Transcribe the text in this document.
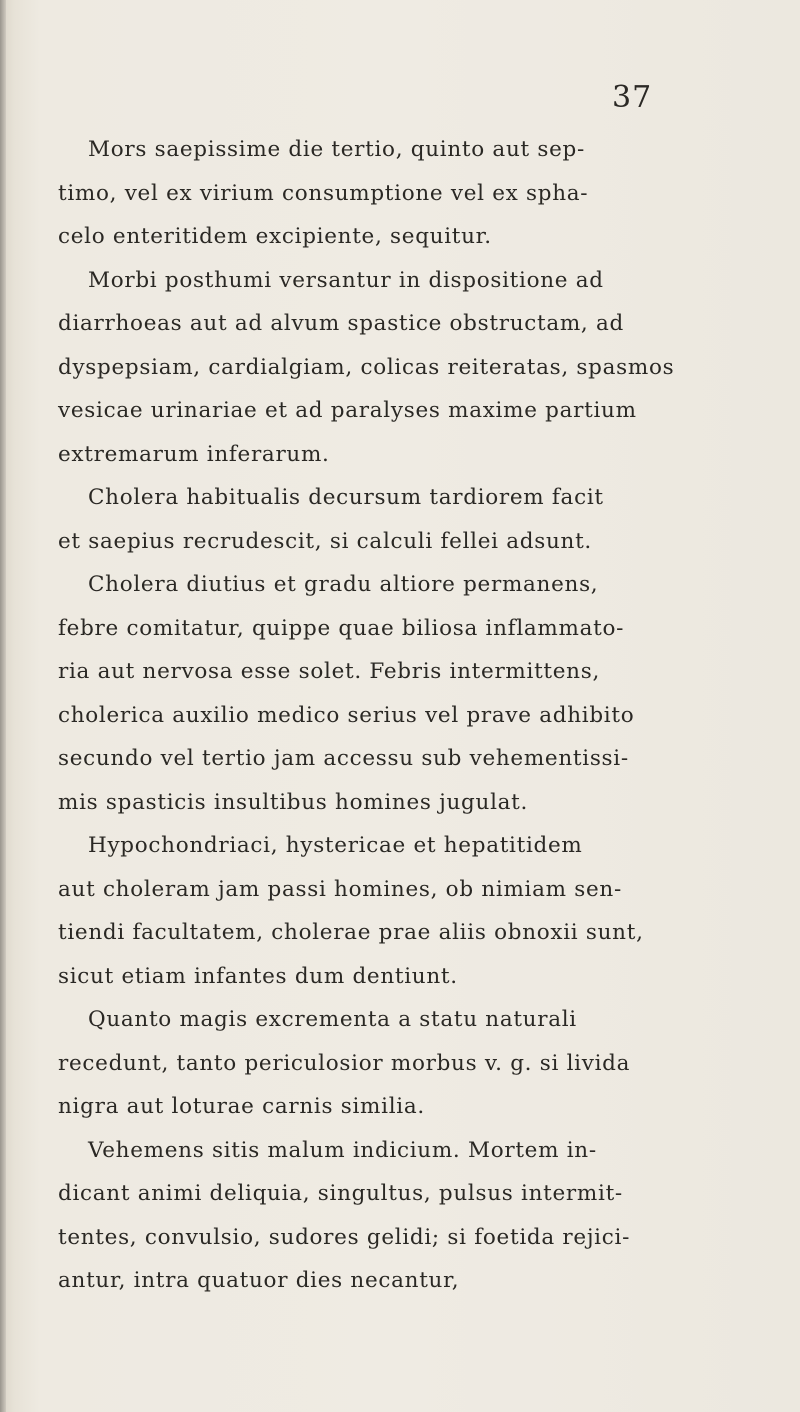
37
Mors saepissime die tertio, quinto aut sep-
timo, vel ex virium consumptione vel ex spha-
celo enteritidem excipiente, sequitur.
Morbi posthumi versantur in dispositione ad
diarrhoeas aut ad alvum spastice obstructam, ad
dyspepsiam, cardialgiam, colicas reiteratas, spasmos
vesicae urinariae et ad paralyses maxime partium
extremarum inferarum.
Cholera habitualis decursum tardiorem facit
et saepius recrudescit, si calculi fellei adsunt.
Cholera diutius et gradu altiore permanens,
febre comitatur, quippe quae biliosa inflammato-
ria aut nervosa esse solet. Febris intermittens,
cholerica auxilio medico serius vel prave adhibito
secundo vel tertio jam accessu sub vehementissi-
mis spasticis insultibus homines jugulat.
Hypochondriaci, hystericae et hepatitidem
aut choleram jam passi homines, ob nimiam sen-
tiendi facultatem, cholerae prae aliis obnoxii sunt,
sicut etiam infantes dum dentiunt.
Quanto magis excrementa a statu naturali
recedunt, tanto periculosior morbus v. g. si livida
nigra aut loturae carnis similia.
Vehemens sitis malum indicium. Mortem in-
dicant animi deliquia, singultus, pulsus intermit-
tentes, convulsio, sudores gelidi; si foetida rejici-
antur, intra quatuor dies necantur,
